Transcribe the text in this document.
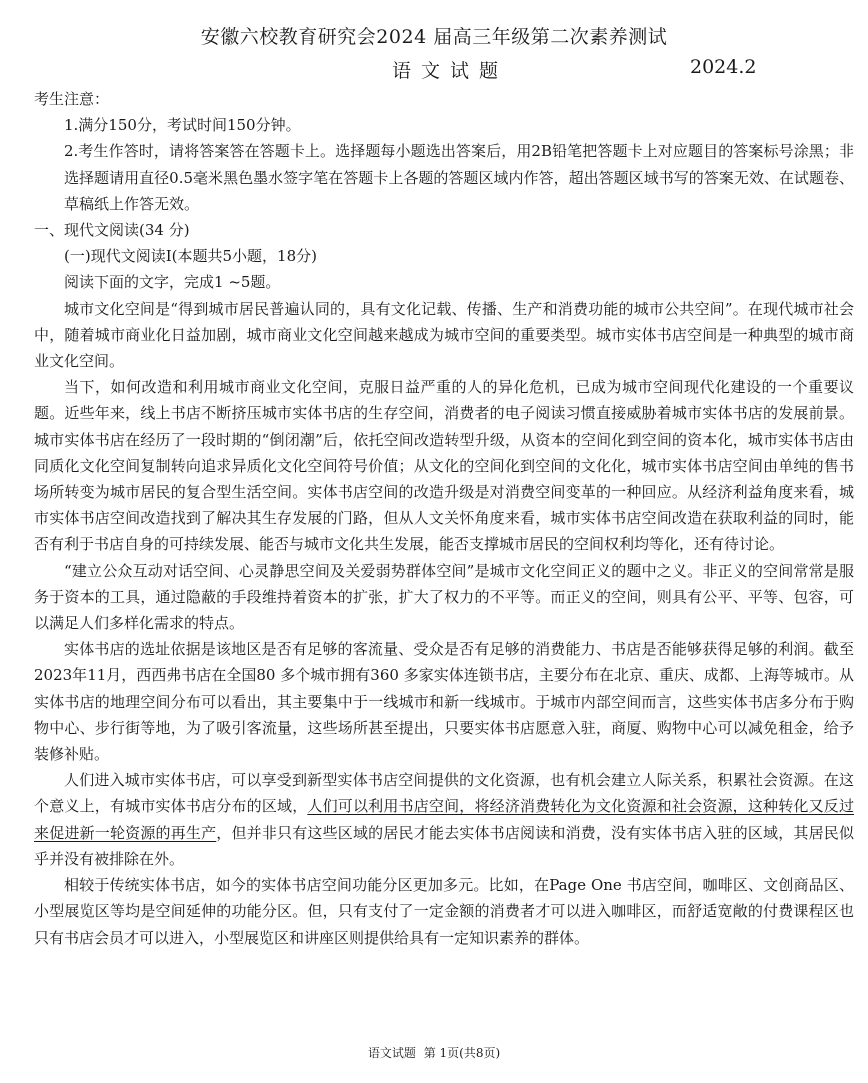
安徽六校教育研究会2024 届高三年级第二次素养测试
语文试题	2024.2

考生注意：

1.满分150分，考试时间150分钟。

2.考生作答时，请将答案答在答题卡上。选择题每小题选出答案后，用2B铅笔把答题卡上对应题目的答案标号涂黑；非选择题请用直径0.5毫米黑色墨水签字笔在答题卡上各题的答题区域内作答，超出答题区域书写的答案无效、在试题卷、草稿纸上作答无效。

一、现代文阅读(34 分)

(一)现代文阅读Ⅰ(本题共5小题，18分)

阅读下面的文字，完成1 ~5题。

城市文化空间是“得到城市居民普遍认同的，具有文化记载、传播、生产和消费功能的城市公共空间”。在现代城市社会中，随着城市商业化日益加剧，城市商业文化空间越来越成为城市空间的重要类型。城市实体书店空间是一种典型的城市商业文化空间。

当下，如何改造和利用城市商业文化空间，克服日益严重的人的异化危机，已成为城市空间现代化建设的一个重要议题。近些年来，线上书店不断挤压城市实体书店的生存空间，消费者的电子阅读习惯直接威胁着城市实体书店的发展前景。城市实体书店在经历了一段时期的“倒闭潮”后，依托空间改造转型升级，从资本的空间化到空间的资本化，城市实体书店由同质化文化空间复制转向追求异质化文化空间符号价值；从文化的空间化到空间的文化化，城市实体书店空间由单纯的售书场所转变为城市居民的复合型生活空间。实体书店空间的改造升级是对消费空间变革的一种回应。从经济利益角度来看，城市实体书店空间改造找到了解决其生存发展的门路，但从人文关怀角度来看，城市实体书店空间改造在获取利益的同时，能否有利于书店自身的可持续发展、能否与城市文化共生发展，能否支撑城市居民的空间权利均等化，还有待讨论。

“建立公众互动对话空间、心灵静思空间及关爱弱势群体空间”是城市文化空间正义的题中之义。非正义的空间常常是服务于资本的工具，通过隐蔽的手段维持着资本的扩张，扩大了权力的不平等。而正义的空间，则具有公平、平等、包容，可以满足人们多样化需求的特点。

实体书店的选址依据是该地区是否有足够的客流量、受众是否有足够的消费能力、书店是否能够获得足够的利润。截至2023年11月，西西弗书店在全国80 多个城市拥有360 多家实体连锁书店，主要分布在北京、重庆、成都、上海等城市。从实体书店的地理空间分布可以看出，其主要集中于一线城市和新一线城市。于城市内部空间而言，这些实体书店多分布于购物中心、步行街等地，为了吸引客流量，这些场所甚至提出，只要实体书店愿意入驻，商厦、购物中心可以减免租金，给予装修补贴。

人们进入城市实体书店，可以享受到新型实体书店空间提供的文化资源，也有机会建立人际关系，积累社会资源。在这个意义上，有城市实体书店分布的区域，人们可以利用书店空间，将经济消费转化为文化资源和社会资源，这种转化又反过来促进新一轮资源的再生产，但并非只有这些区域的居民才能去实体书店阅读和消费，没有实体书店入驻的区域，其居民似乎并没有被排除在外。

相较于传统实体书店，如今的实体书店空间功能分区更加多元。比如，在Page One 书店空间，咖啡区、文创商品区、小型展览区等均是空间延伸的功能分区。但，只有支付了一定金额的消费者才可以进入咖啡区，而舒适宽敞的付费课程区也只有书店会员才可以进入，小型展览区和讲座区则提供给具有一定知识素养的群体。

语文试题 第 1页(共8页)
